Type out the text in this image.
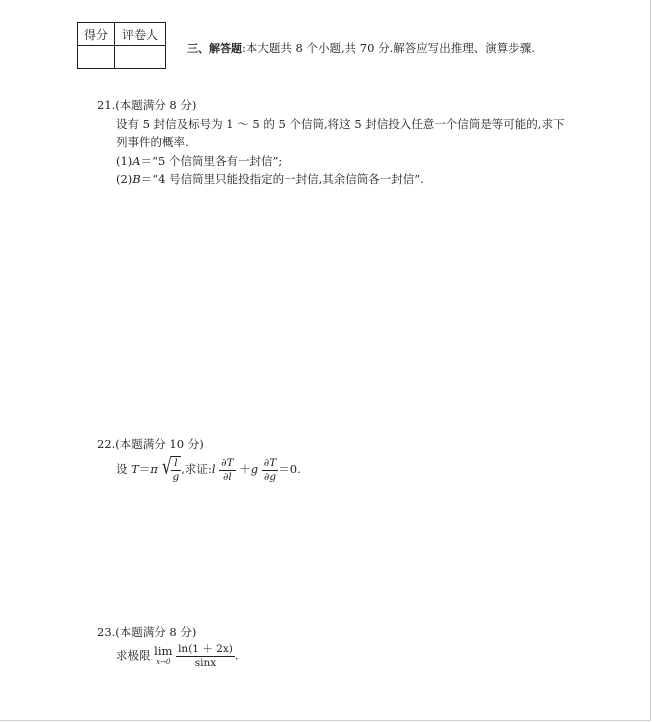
得分	评卷人

三、解答题:本大题共 8 个小题,共 70 分.解答应写出推理、演算步骤.
21.(本题满分 8 分)
设有 5 封信及标号为 1 ～ 5 的 5 个信筒,将这 5 封信投入任意一个信筒是等可能的,求下
列事件的概率.
(1)A＝“5 个信筒里各有一封信”;
(2)B＝“4 号信筒里只能投指定的一封信,其余信筒各一封信”.
22.(本题满分 10 分)
设 T＝π √ $\frac{l}{g}$ ,求证:l $\frac{\partial T}{\partial l} +g \frac{\partial T}{\partial g} =0$.
23.(本题满分 8 分)
求极限 lim
x→0
$\frac{\ln(1 + 2x)}{\sin x}$ .
